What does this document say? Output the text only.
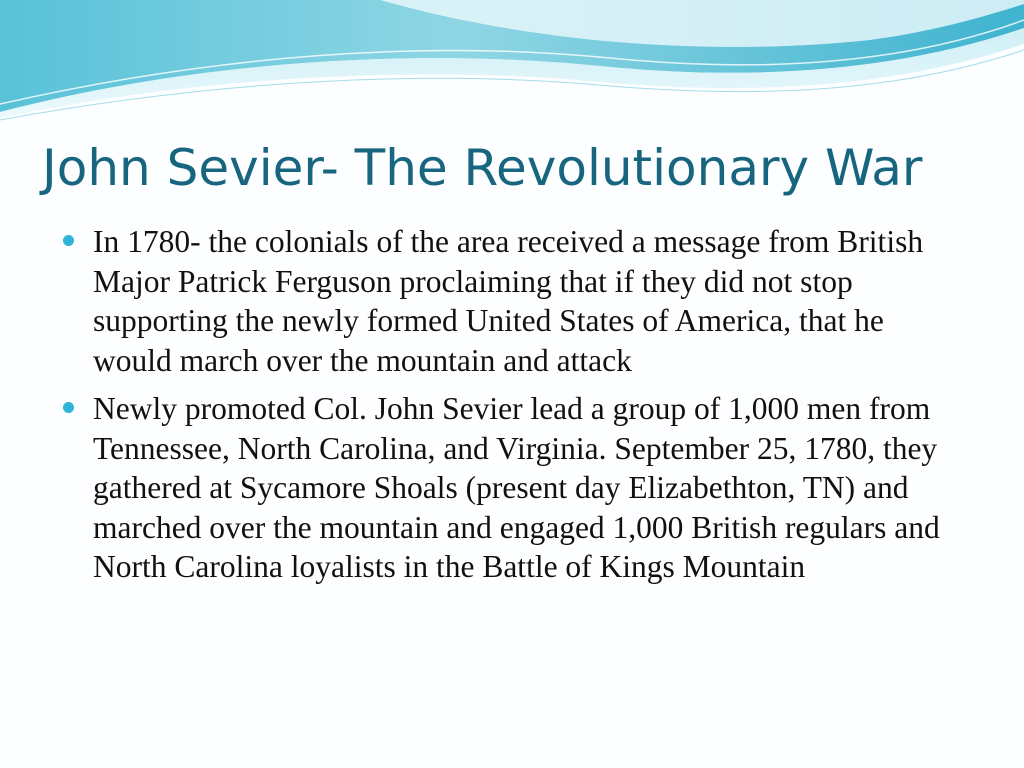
John Sevier- The Revolutionary War
In 1780- the colonials of the area received a message from British Major Patrick Ferguson proclaiming that if they did not stop supporting the newly formed United States of America, that he would march over the mountain and attack
Newly promoted Col. John Sevier lead a group of 1,000 men from Tennessee, North Carolina, and Virginia. September 25, 1780, they gathered at Sycamore Shoals (present day Elizabethton, TN) and marched over the mountain and engaged 1,000 British regulars and North Carolina loyalists in the Battle of Kings Mountain
